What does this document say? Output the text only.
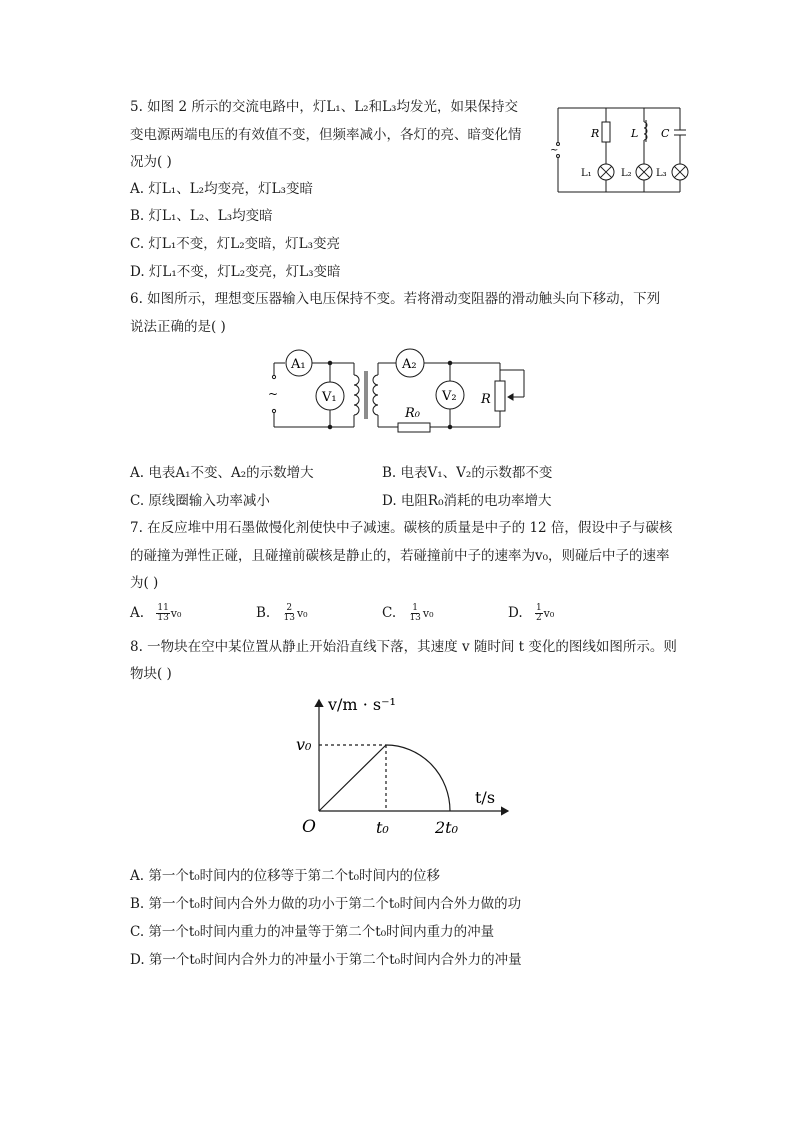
5. 如图 2 所示的交流电路中，灯L₁、L₂和L₃均发光，如果保持交
变电源两端电压的有效值不变，但频率减小，各灯的亮、暗变化情
况为( )
A. 灯L₁、L₂均变亮，灯L₃变暗
B. 灯L₁、L₂、L₃均变暗
C. 灯L₁不变，灯L₂变暗，灯L₃变亮
D. 灯L₁不变，灯L₂变亮，灯L₃变暗
~
R	L C
L₁	L₂ L₃
6. 如图所示，理想变压器输入电压保持不变。若将滑动变阻器的滑动触头向下移动，下列
说法正确的是( )
~
A₁
V₁
A₂
V₂
R₀
R
A. 电表A₁不变、A₂的示数增大	B. 电表V₁、V₂的示数都不变
C. 原线圈输入功率减小	D. 电阻R₀消耗的电功率增大
7. 在反应堆中用石墨做慢化剂使快中子减速。碳核的质量是中子的 12 倍，假设中子与碳核
的碰撞为弹性正碰，且碰撞前碳核是静止的，若碰撞前中子的速率为v₀，则碰后中子的速率
为( )
A. $\frac{11}{13} v_0$	B. $\frac{2}{13} v_0$	C. $\frac{1}{13} v_0$	D. $\frac{1}{2} v_0$
8. 一物块在空中某位置从静止开始沿直线下落，其速度 v 随时间 t 变化的图线如图所示。则
物块( )
v/m · s⁻¹
t/s
O
v₀
t₀	2t₀
A. 第一个t₀时间内的位移等于第二个t₀时间内的位移
B. 第一个t₀时间内合外力做的功小于第二个t₀时间内合外力做的功
C. 第一个t₀时间内重力的冲量等于第二个t₀时间内重力的冲量
D. 第一个t₀时间内合外力的冲量小于第二个t₀时间内合外力的冲量
